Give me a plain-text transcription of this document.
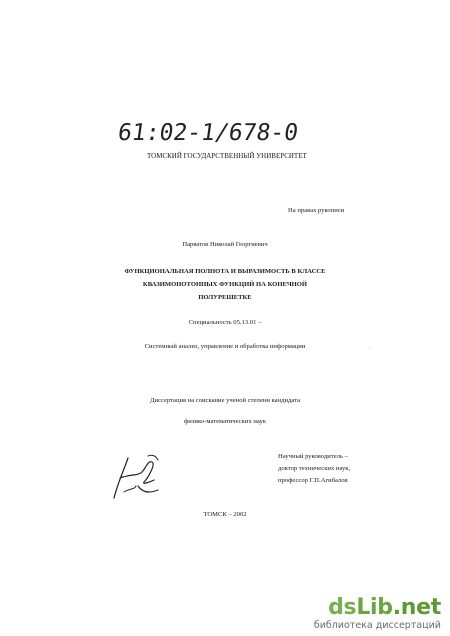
61:02-1/678-0
ТОМСКИЙ ГОСУДАРСТВЕННЫЙ УНИВЕРСИТЕТ
На правах рукописи
Парватов Николай Георгиевич
ФУНКЦИОНАЛЬНАЯ ПОЛНОТА И ВЫРАЗИМОСТЬ В КЛАССЕ
КВАЗИМОНОТОННЫХ ФУНКЦИЙ НА КОНЕЧНОЙ
ПОЛУРЕШЕТКЕ
Специальность 05.13.01 –
Системный анализ, управление и обработка информации	·
Диссертация на соискание ученой степени кандидата
физико-математических наук
Научный руководитель –
доктор технических наук,
профессор Г.П.Агибалов
ТОМСК – 2002
dsLib.net
библиотека диссертаций
